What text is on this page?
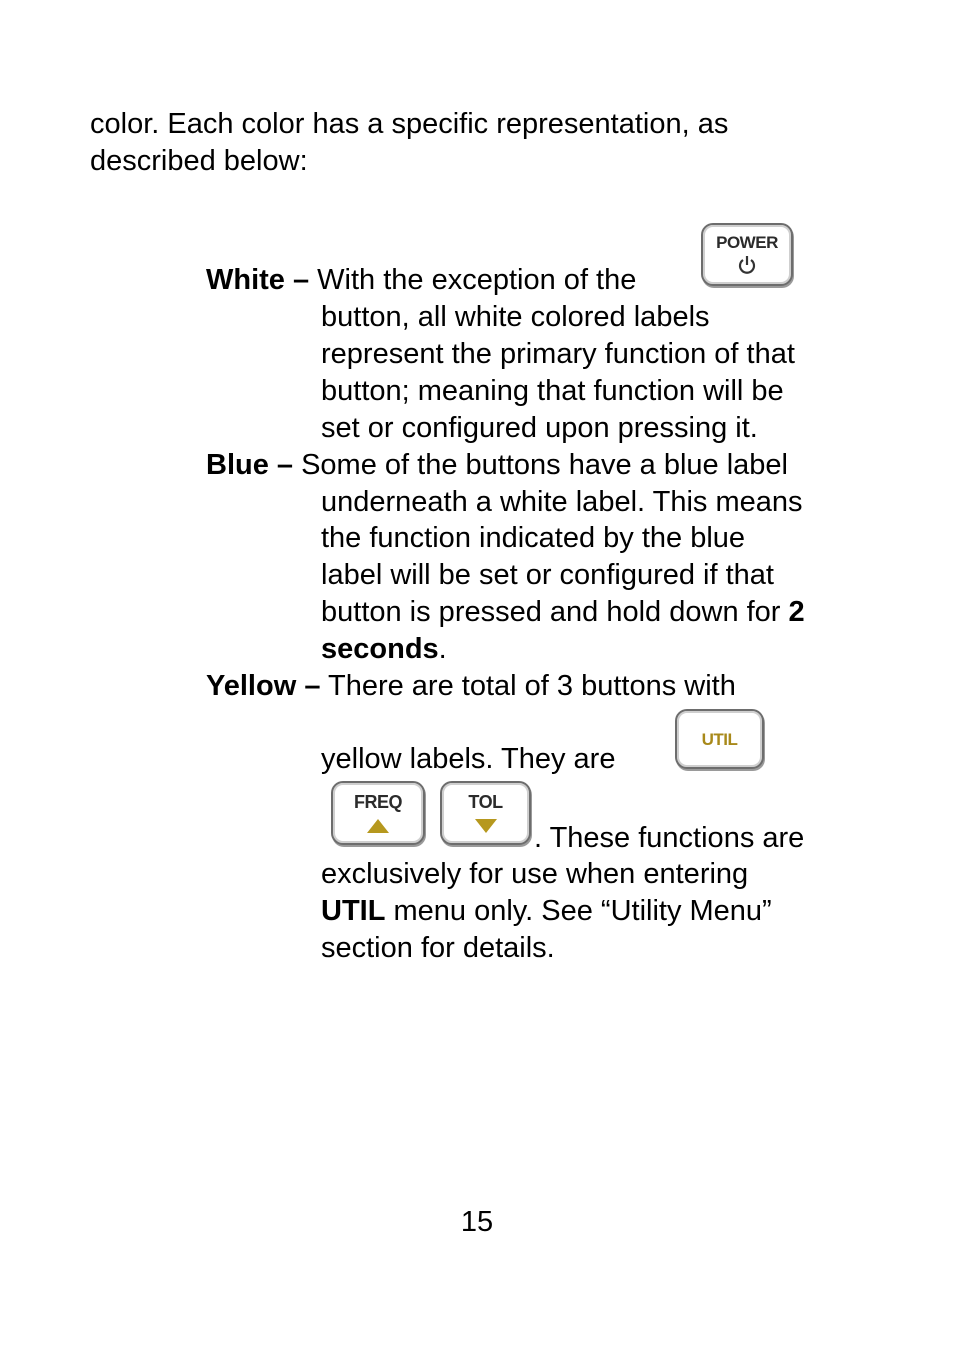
color. Each color has a specific representation, as
described below:
White – With the exception of the
POWER
button, all white colored labels
represent the primary function of that
button; meaning that function will be
set or configured upon pressing it.
Blue – Some of the buttons have a blue label
underneath a white label. This means
the function indicated by the blue
label will be set or configured if that
button is pressed and hold down for 2
seconds.
Yellow – There are total of 3 buttons with
yellow labels. They are
UTIL
FREQ	TOL
. These functions are
exclusively for use when entering
UTIL menu only. See “Utility Menu”
section for details.
15
